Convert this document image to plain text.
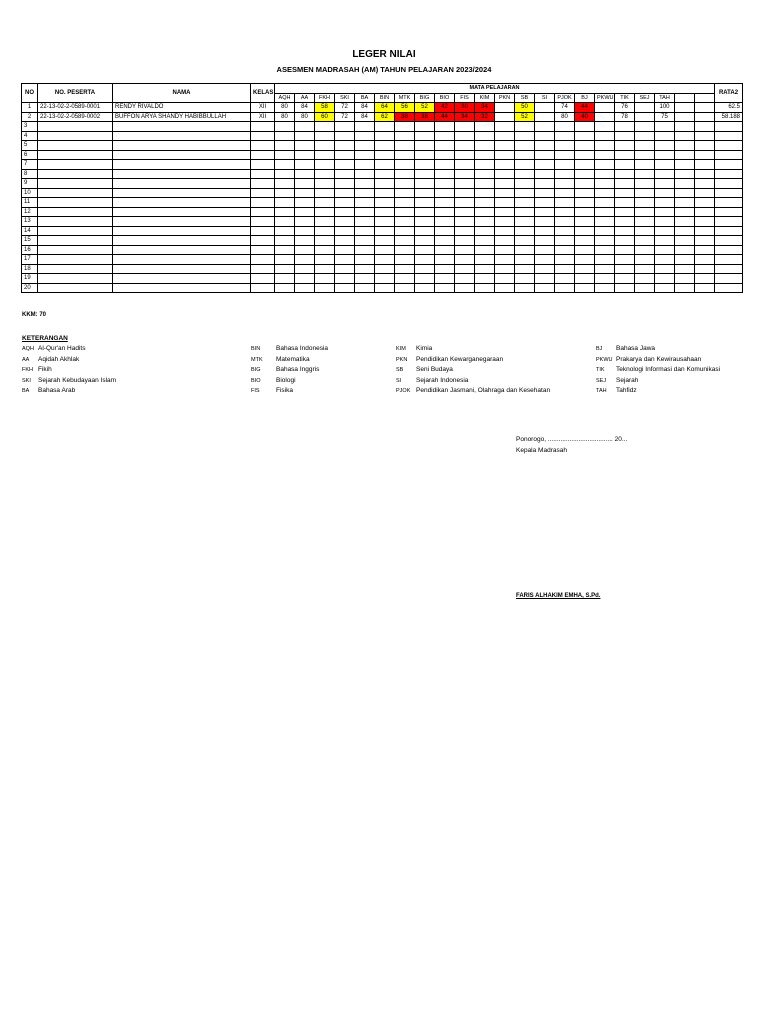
LEGER NILAI
ASESMEN MADRASAH (AM) TAHUN PELAJARAN 2023/2024
NO	NO. PESERTA	NAMA	KELAS	MATA PELAJARAN																						RATA2
				AQH	AA	FKH	SKI	BA	BIN	MTK	BIG	BIO	FIS	KIM	PKN	SB	SI	PJOK	BJ	PKWU	TIK	SEJ	TAH			
1	22-13-02-2-0589-0001	RENDY RIVALDO	XII	80	84	58	72	84	64	56	52	42	30	34		50		74	44		76		100			62.5
2	22-13-02-2-0589-0002	BUFFON ARYA SHANDY HABIBBULLAH	XII	80	80	60	72	84	62	38	38	44	34	32		52		80	40		78		75			58.188
3																										
4																										
5																										
6																										
7																										
8																										
9																										
10																										
11																										
12																										
13																										
14																										
15																										
16																										
17																										
18																										
19																										
20																										
KKM: 70
KETERANGAN
AQH Al-Qur'an Hadits
AA	Aqidah Akhlak
FKH Fikih
SKI	Sejarah Kebudayaan Islam
BA	Bahasa Arab
BIN	Bahasa Indonesia
MTK	Matematika
BIG	Bahasa Inggris
BIO	Biologi
FIS	Fisika
KIM	Kimia
PKN	Pendidikan Kewarganegaraan
SB	Seni Budaya
SI	Sejarah Indonesia
PJOK Pendidikan Jasmani, Olahraga dan Kesehatan
BJ	Bahasa Jawa
PKWU Prakarya dan Kewirausahaan
TIK	Teknologi Informasi dan Komunikasi
SEJ	Sejarah
TAH	Tahfidz
Ponorogo, .................................... 20...
Kepala Madrasah
FARIS ALHAKIM EMHA, S.Pd.
